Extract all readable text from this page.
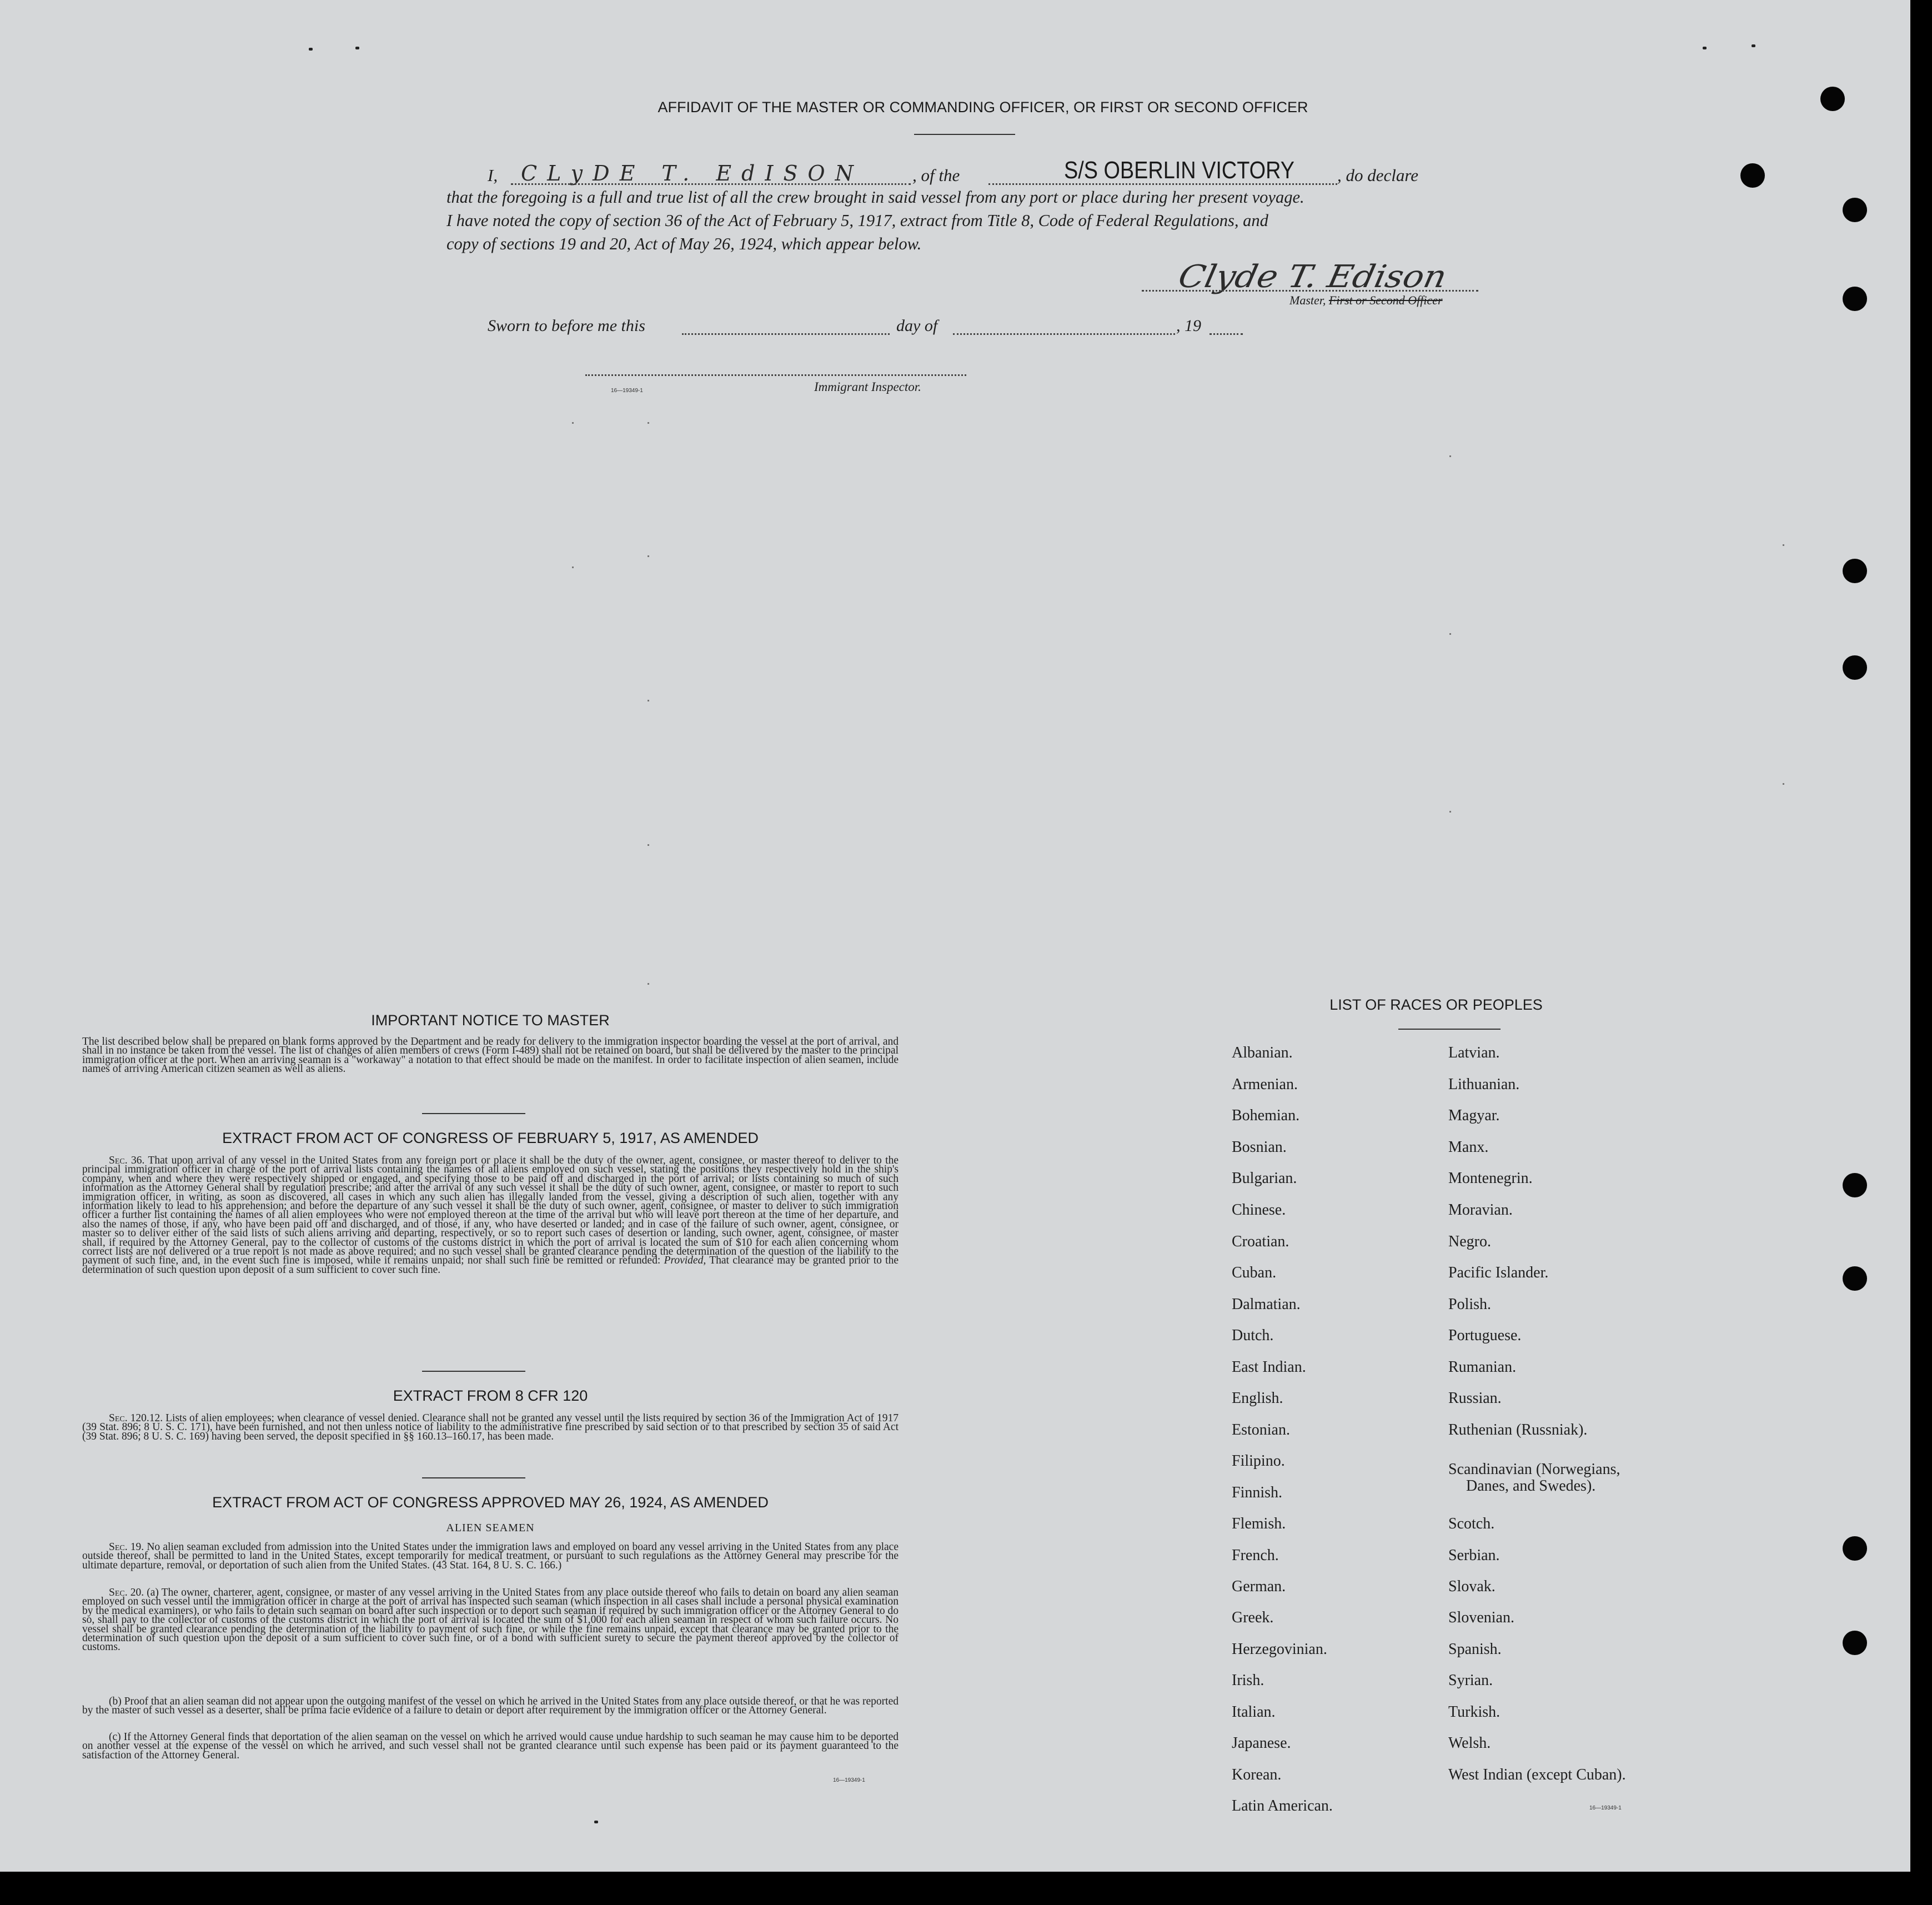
AFFIDAVIT OF THE MASTER OR COMMANDING OFFICER, OR FIRST OR SECOND OFFICER
I, CLyDE T. EdISON	, of the	S/S OBERLIN VICTORY , do declare
that the foregoing is a full and true list of all the crew brought in said vessel from any port or place during her present voyage.
I have noted the copy of section 36 of the Act of February 5, 1917, extract from Title 8, Code of Federal Regulations, and
copy of sections 19 and 20, Act of May 26, 1924, which appear below.
Clyde T. Edison
Master, First or Second Officer
Sworn to before me this	day of	, 19
16—19349-1	Immigrant Inspector.
IMPORTANT NOTICE TO MASTER
The list described below shall be prepared on blank forms approved by the Department and be ready for delivery to the immigration inspector boarding the vessel at the port of arrival, and shall in no instance be taken from the vessel. The list of changes of alien members of crews (Form I-489) shall not be retained on board, but shall be delivered by the master to the principal immigration officer at the port. When an arriving seaman is a "workaway" a notation to that effect should be made on the manifest. In order to facilitate inspection of alien seamen, include names of arriving American citizen seamen as well as aliens.
EXTRACT FROM ACT OF CONGRESS OF FEBRUARY 5, 1917, AS AMENDED
Sec. 36. That upon arrival of any vessel in the United States from any foreign port or place it shall be the duty of the owner, agent, consignee, or master thereof to deliver to the principal immigration officer in charge of the port of arrival lists containing the names of all aliens employed on such vessel, stating the positions they respectively hold in the ship's company, when and where they were respectively shipped or engaged, and specifying those to be paid off and discharged in the port of arrival; or lists containing so much of such information as the Attorney General shall by regulation prescribe; and after the arrival of any such vessel it shall be the duty of such owner, agent, consignee, or master to report to such immigration officer, in writing, as soon as discovered, all cases in which any such alien has illegally landed from the vessel, giving a description of such alien, together with any information likely to lead to his apprehension; and before the departure of any such vessel it shall be the duty of such owner, agent, consignee, or master to deliver to such immigration officer a further list containing the names of all alien employees who were not employed thereon at the time of the arrival but who will leave port thereon at the time of her departure, and also the names of those, if any, who have been paid off and discharged, and of those, if any, who have deserted or landed; and in case of the failure of such owner, agent, consignee, or master so to deliver either of the said lists of such aliens arriving and departing, respectively, or so to report such cases of desertion or landing, such owner, agent, consignee, or master shall, if required by the Attorney General, pay to the collector of customs of the customs district in which the port of arrival is located the sum of $10 for each alien concerning whom correct lists are not delivered or a true report is not made as above required; and no such vessel shall be granted clearance pending the determination of the question of the liability to the payment of such fine, and, in the event such fine is imposed, while it remains unpaid; nor shall such fine be remitted or refunded: Provided, That clearance may be granted prior to the determination of such question upon deposit of a sum sufficient to cover such fine.
EXTRACT FROM 8 CFR 120
Sec. 120.12. Lists of alien employees; when clearance of vessel denied. Clearance shall not be granted any vessel until the lists required by section 36 of the Immigration Act of 1917 (39 Stat. 896; 8 U. S. C. 171), have been furnished, and not then unless notice of liability to the administrative fine prescribed by said section or to that prescribed by section 35 of said Act (39 Stat. 896; 8 U. S. C. 169) having been served, the deposit specified in §§ 160.13–160.17, has been made.
EXTRACT FROM ACT OF CONGRESS APPROVED MAY 26, 1924, AS AMENDED
ALIEN SEAMEN
Sec. 19. No alien seaman excluded from admission into the United States under the immigration laws and employed on board any vessel arriving in the United States from any place outside thereof, shall be permitted to land in the United States, except temporarily for medical treatment, or pursuant to such regulations as the Attorney General may prescribe for the ultimate departure, removal, or deportation of such alien from the United States. (43 Stat. 164, 8 U. S. C. 166.)
Sec. 20. (a) The owner, charterer, agent, consignee, or master of any vessel arriving in the United States from any place outside thereof who fails to detain on board any alien seaman employed on such vessel until the immigration officer in charge at the port of arrival has inspected such seaman (which inspection in all cases shall include a personal physical examination by the medical examiners), or who fails to detain such seaman on board after such inspection or to deport such seaman if required by such immigration officer or the Attorney General to do so, shall pay to the collector of customs of the customs district in which the port of arrival is located the sum of $1,000 for each alien seaman in respect of whom such failure occurs. No vessel shall be granted clearance pending the determination of the liability to payment of such fine, or while the fine remains unpaid, except that clearance may be granted prior to the determination of such question upon the deposit of a sum sufficient to cover such fine, or of a bond with sufficient surety to secure the payment thereof approved by the collector of customs.
(b) Proof that an alien seaman did not appear upon the outgoing manifest of the vessel on which he arrived in the United States from any place outside thereof, or that he was reported by the master of such vessel as a deserter, shall be prima facie evidence of a failure to detain or deport after requirement by the immigration officer or the Attorney General.
(c) If the Attorney General finds that deportation of the alien seaman on the vessel on which he arrived would cause undue hardship to such seaman he may cause him to be deported on another vessel at the expense of the vessel on which he arrived, and such vessel shall not be granted clearance until such expense has been paid or its payment guaranteed to the satisfaction of the Attorney General.
16—19349-1
LIST OF RACES OR PEOPLES
Albanian.
Armenian.
Bohemian.
Bosnian.
Bulgarian.
Chinese.
Croatian.
Cuban.
Dalmatian.
Dutch.
East Indian.
English.
Estonian.
Filipino.
Finnish.
Flemish.
French.
German.
Greek.
Herzegovinian.
Irish.
Italian.
Japanese.
Korean.
Latin American.
Latvian.
Lithuanian.
Magyar.
Manx.
Montenegrin.
Moravian.
Negro.
Pacific Islander.
Polish.
Portuguese.
Rumanian.
Russian.
Ruthenian (Russniak).
Scandinavian (Norwegians,
Danes, and Swedes).
Scotch.
Serbian.
Slovak.
Slovenian.
Spanish.
Syrian.
Turkish.
Welsh.
West Indian (except Cuban).
16—19349-1
